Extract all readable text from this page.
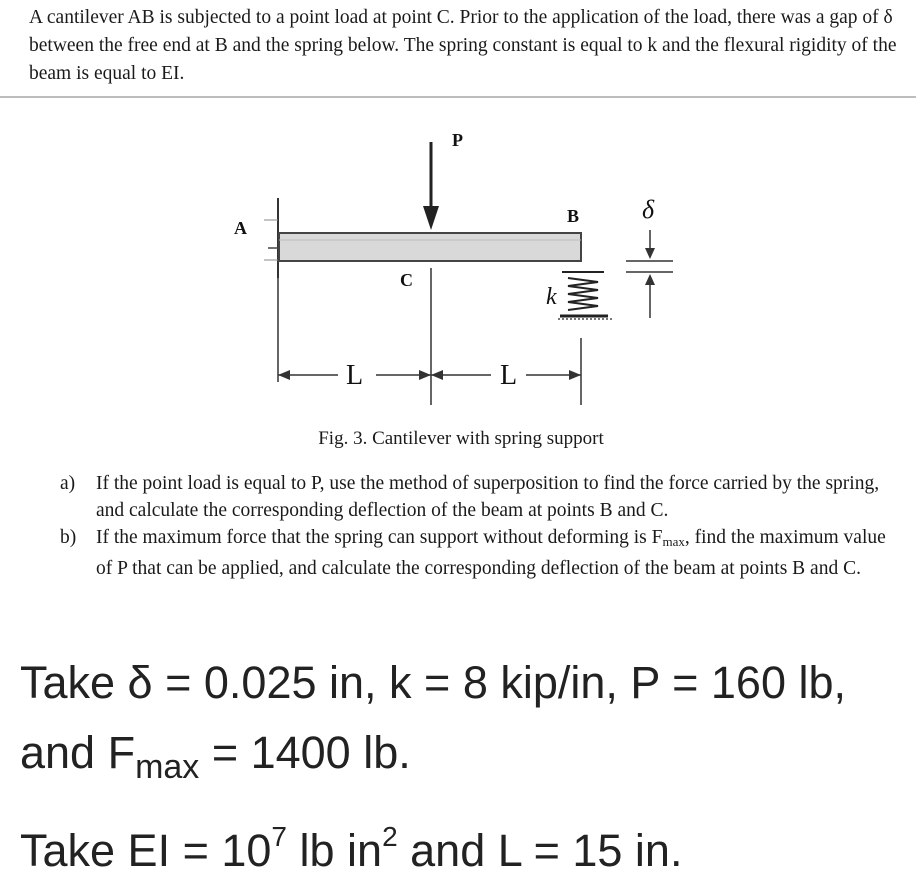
A cantilever AB is subjected to a point load at point C. Prior to the application of the load, there was a gap of δ between the free end at B and the spring below. The spring constant is equal to k and the flexural rigidity of the beam is equal to EI.

P
A
B
C
k
δ
L	L
Fig. 3. Cantilever with spring support
a)	If the point load is equal to P, use the method of superposition to find the force carried by the spring, and calculate the corresponding deflection of the beam at points B and C.
b)	If the maximum force that the spring can support without deforming is $F_{max}$, find the maximum value of P that can be applied, and calculate the corresponding deflection of the beam at points B and C.
Take δ = 0.025 in, k = 8 kip/in, P = 160 lb,
and $F_{max} = 1400$ lb.
Take EI = $10^7$ lb $in^2$ and L = 15 in.
